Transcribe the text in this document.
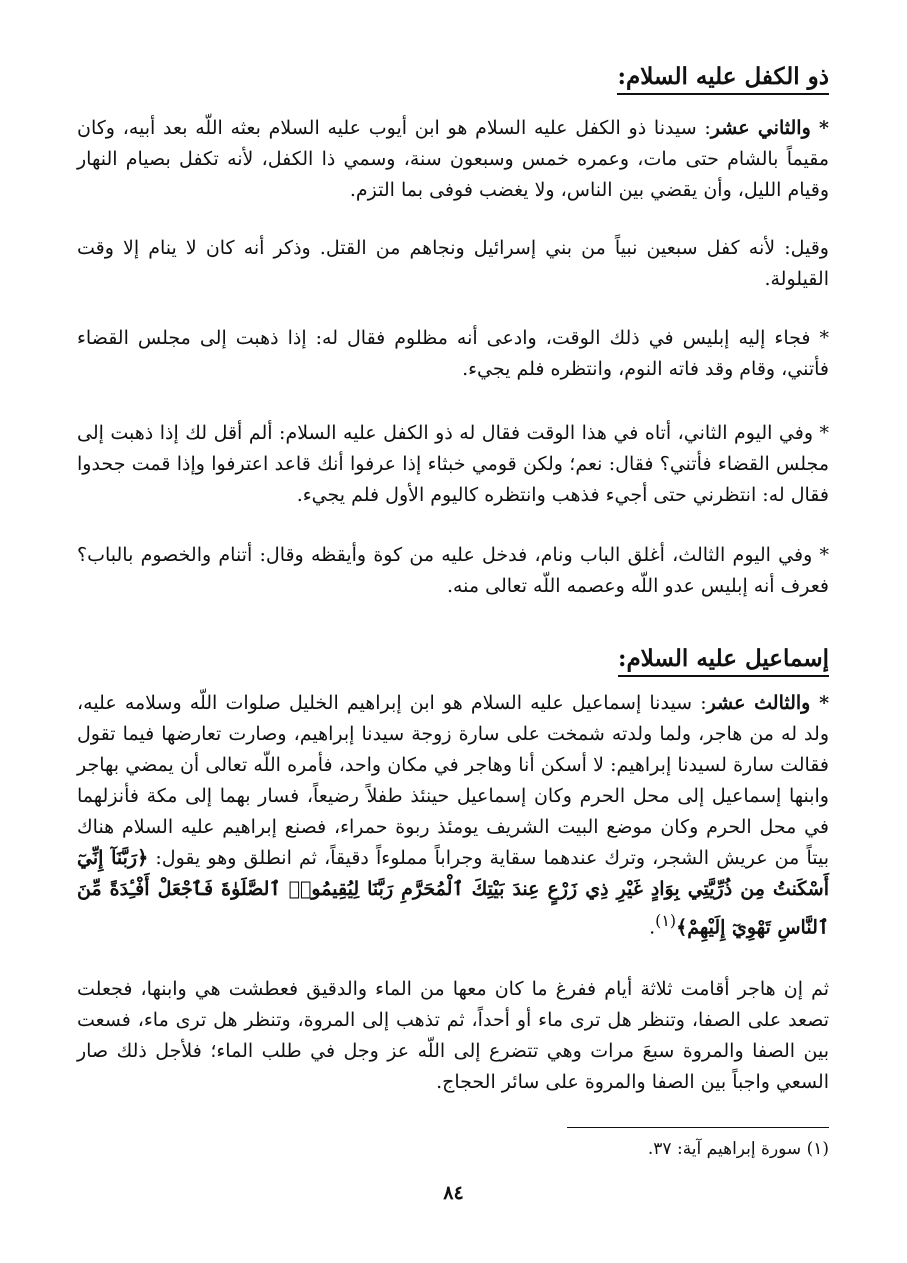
ذو الكفل عليه السلام:
* والثاني عشر: سيدنا ذو الكفل عليه السلام هو ابن أيوب عليه السلام بعثه اللّه بعد أبيه، وكان مقيماً بالشام حتى مات، وعمره خمس وسبعون سنة، وسمي ذا الكفل، لأنه تكفل بصيام النهار وقيام الليل، وأن يقضي بين الناس، ولا يغضب فوفى بما التزم.
وقيل: لأنه كفل سبعين نبياً من بني إسرائيل ونجاهم من القتل. وذكر أنه كان لا ينام إلا وقت القيلولة.
* فجاء إليه إبليس في ذلك الوقت، وادعى أنه مظلوم فقال له: إذا ذهبت إلى مجلس القضاء فأتني، وقام وقد فاته النوم، وانتظره فلم يجيء.
* وفي اليوم الثاني، أتاه في هذا الوقت فقال له ذو الكفل عليه السلام: ألم أقل لك إذا ذهبت إلى مجلس القضاء فأتني؟ فقال: نعم؛ ولكن قومي خبثاء إذا عرفوا أنك قاعد اعترفوا وإذا قمت جحدوا فقال له: انتظرني حتى أجيء فذهب وانتظره كاليوم الأول فلم يجيء.
* وفي اليوم الثالث، أغلق الباب ونام، فدخل عليه من كوة وأيقظه وقال: أتنام والخصوم بالباب؟ فعرف أنه إبليس عدو اللّه وعصمه اللّه تعالى منه.
إسماعيل عليه السلام:
* والثالث عشر: سيدنا إسماعيل عليه السلام هو ابن إبراهيم الخليل صلوات اللّه وسلامه عليه، ولد له من هاجر، ولما ولدته شمخت على سارة زوجة سيدنا إبراهيم، وصارت تعارضها فيما تقول فقالت سارة لسيدنا إبراهيم: لا أسكن أنا وهاجر في مكان واحد، فأمره اللّه تعالى أن يمضي بهاجر وابنها إسماعيل إلى محل الحرم وكان إسماعيل حينئذ طفلاً رضيعاً، فسار بهما إلى مكة فأنزلهما في محل الحرم وكان موضع البيت الشريف يومئذ ربوة حمراء، فصنع إبراهيم عليه السلام هناك بيتاً من عريش الشجر، وترك عندهما سقاية وجراباً مملوءاً دقيقاً، ثم انطلق وهو يقول: ﴿رَبَّنَآ إِنِّيٓ أَسْكَنتُ مِن ذُرِّيَّتِي بِوَادٍ غَيْرِ ذِي زَرْعٍ عِندَ بَيْتِكَ ٱلْمُحَرَّمِ رَبَّنَا لِيُقِيمُوا۟ ٱلصَّلَوٰةَ فَٱجْعَلْ أَفْـِٔدَةً مِّنَ ٱلنَّاسِ تَهْوِيٓ إِلَيْهِمْ﴾$^{(١)}$.
ثم إن هاجر أقامت ثلاثة أيام ففرغ ما كان معها من الماء والدقيق فعطشت هي وابنها، فجعلت تصعد على الصفا، وتنظر هل ترى ماء أو أحداً، ثم تذهب إلى المروة، وتنظر هل ترى ماء، فسعت بين الصفا والمروة سبعَ مرات وهي تتضرع إلى اللّه عز وجل في طلب الماء؛ فلأجل ذلك صار السعي واجباً بين الصفا والمروة على سائر الحجاج.
(١) سورة إبراهيم آية: ٣٧.
٨٤
